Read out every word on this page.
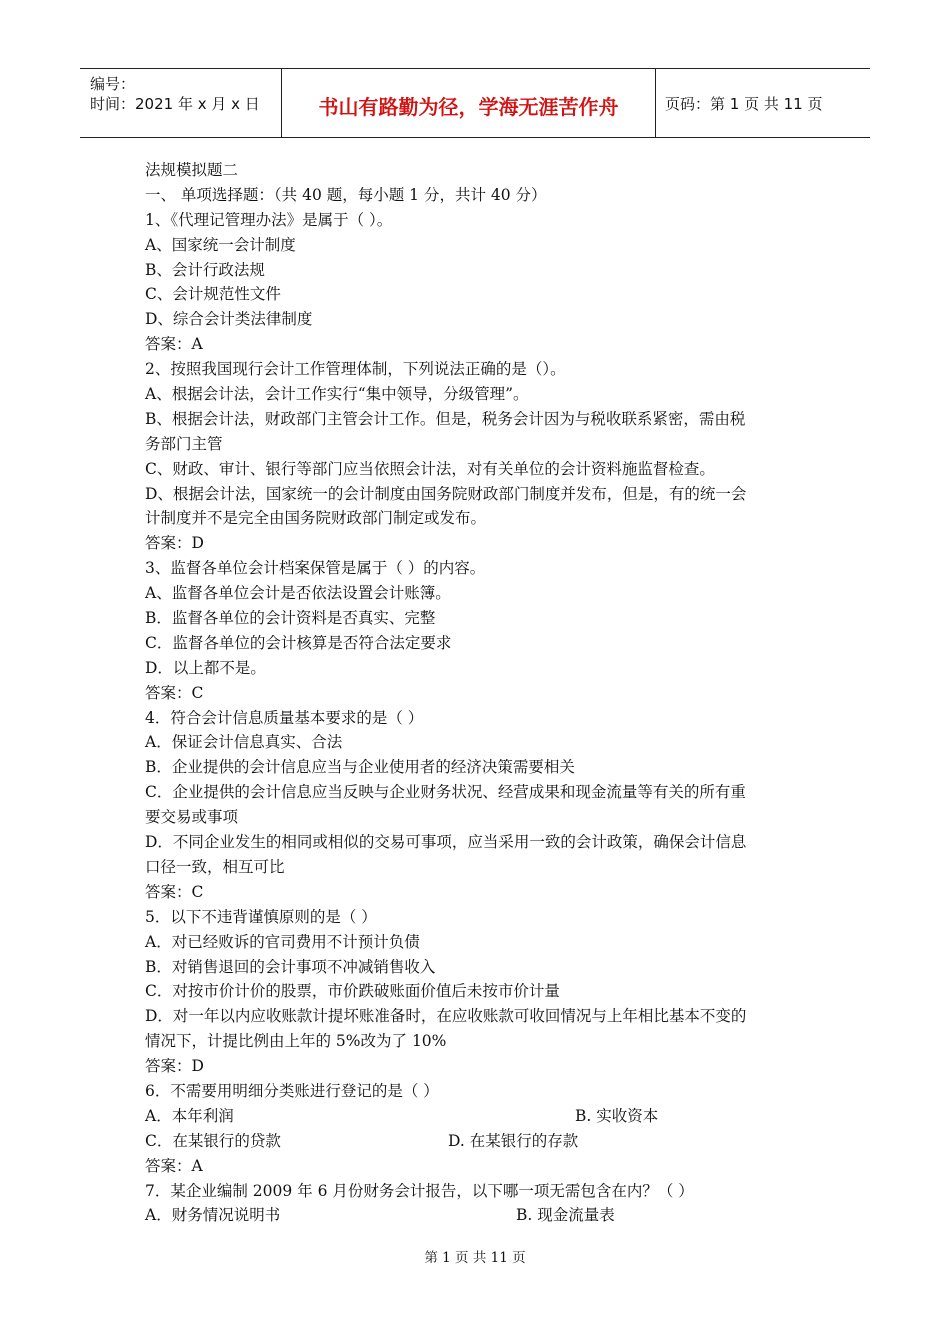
编号：
时间：2021 年 x 月 x 日	书山有路勤为径，学海无涯苦作舟	页码：第 1 页 共 11 页
法规模拟题二
一、 单项选择题：（共 40 题，每小题 1 分，共计 40 分）
1、《代理记管理办法》是属于（ ）。
A、国家统一会计制度
B、会计行政法规
C、会计规范性文件
D、综合会计类法律制度
答案：A
2、按照我国现行会计工作管理体制，下列说法正确的是（）。
A、根据会计法，会计工作实行“集中领导，分级管理”。
B、根据会计法，财政部门主管会计工作。但是，税务会计因为与税收联系紧密，需由税
务部门主管
C、财政、审计、银行等部门应当依照会计法，对有关单位的会计资料施监督检查。
D、根据会计法，国家统一的会计制度由国务院财政部门制度并发布，但是，有的统一会
计制度并不是完全由国务院财政部门制定或发布。
答案：D
3、监督各单位会计档案保管是属于（ ）的内容。
A、监督各单位会计是否依法设置会计账簿。
B．监督各单位的会计资料是否真实、完整
C．监督各单位的会计核算是否符合法定要求
D．以上都不是。
答案：C
4．符合会计信息质量基本要求的是（ ）
A．保证会计信息真实、合法
B．企业提供的会计信息应当与企业使用者的经济决策需要相关
C．企业提供的会计信息应当反映与企业财务状况、经营成果和现金流量等有关的所有重
要交易或事项
D．不同企业发生的相同或相似的交易可事项，应当采用一致的会计政策，确保会计信息
口径一致，相互可比
答案：C
5．以下不违背谨慎原则的是（ ）
A．对已经败诉的官司费用不计预计负债
B．对销售退回的会计事项不冲减销售收入
C．对按市价计价的股票，市价跌破账面价值后未按市价计量
D．对一年以内应收账款计提坏账准备时，在应收账款可收回情况与上年相比基本不变的
情况下，计提比例由上年的 5%改为了 10%
答案：D
6．不需要用明细分类账进行登记的是（ ）
A．本年利润	B. 实收资本
C．在某银行的贷款	D. 在某银行的存款
答案：A
7．某企业编制 2009 年 6 月份财务会计报告，以下哪一项无需包含在内？（ ）
A．财务情况说明书	B. 现金流量表
第 1 页 共 11 页
